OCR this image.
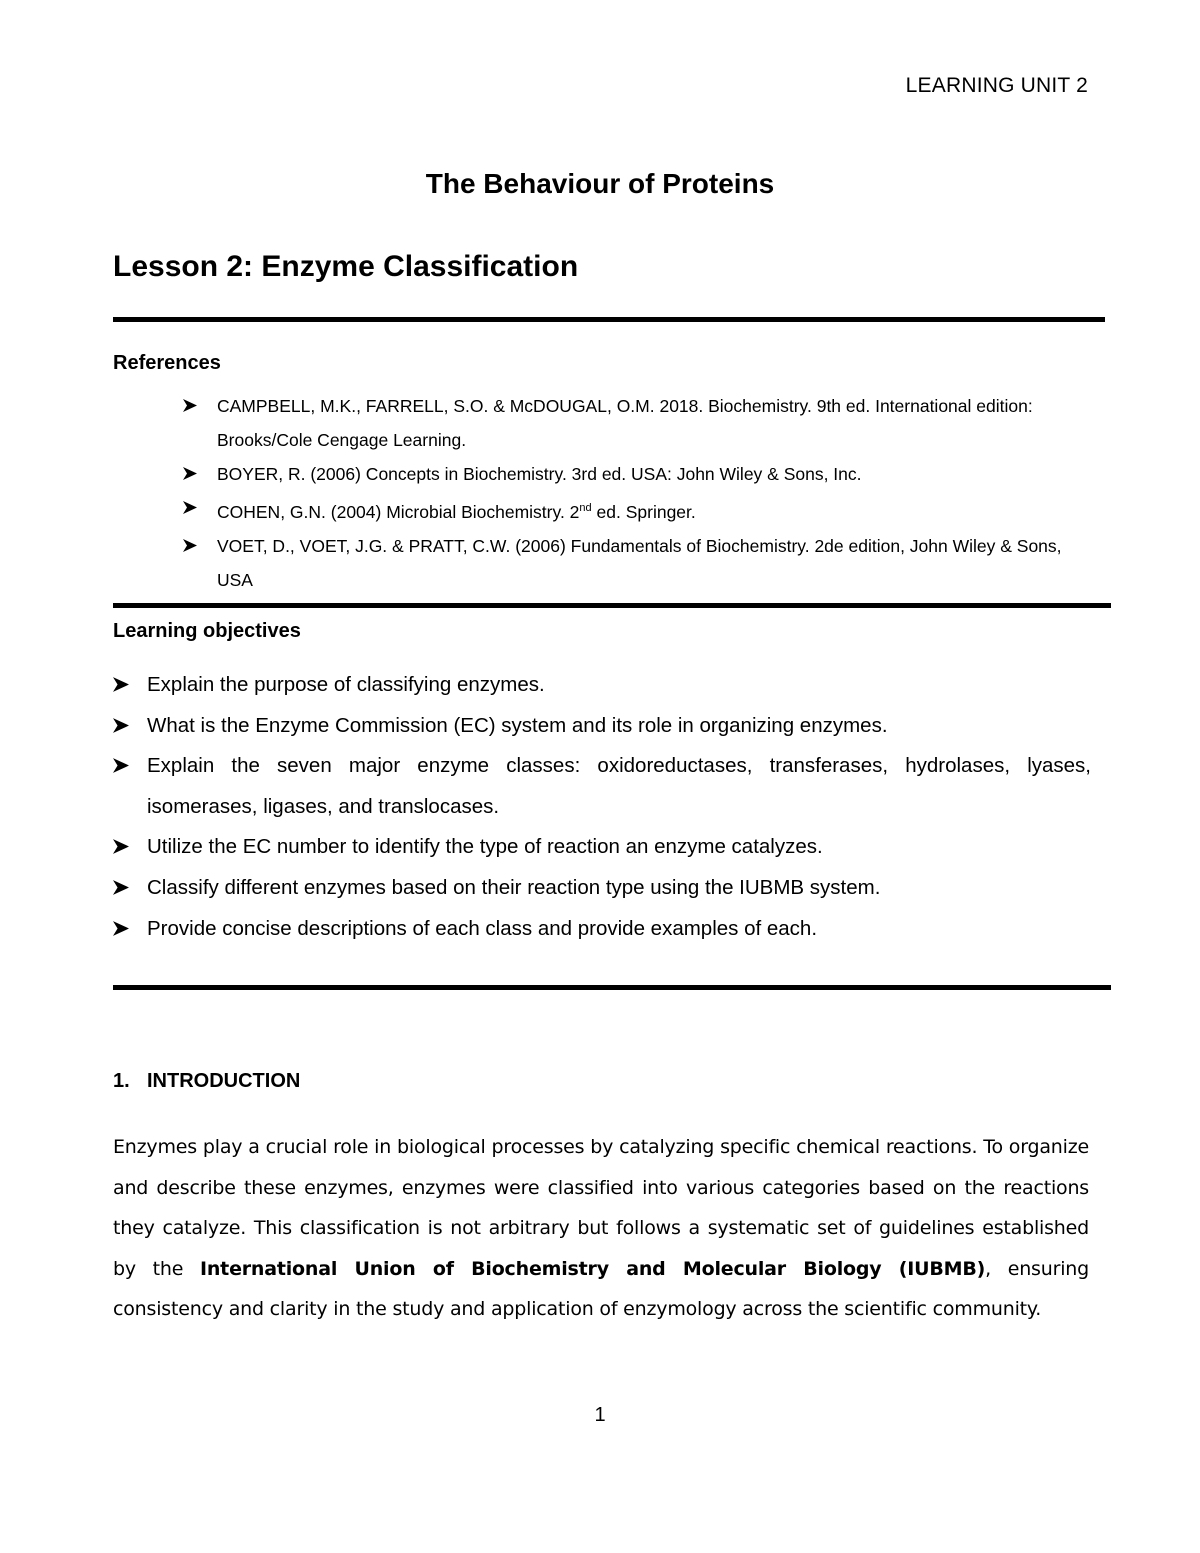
LEARNING UNIT 2
The Behaviour of Proteins
Lesson 2: Enzyme Classification
References
CAMPBELL, M.K., FARRELL, S.O. & McDOUGAL, O.M. 2018. Biochemistry. 9th ed. International edition: Brooks/Cole Cengage Learning.
BOYER, R. (2006) Concepts in Biochemistry. 3rd ed. USA: John Wiley & Sons, Inc.
COHEN, G.N. (2004) Microbial Biochemistry. 2nd ed. Springer.
VOET, D., VOET, J.G. & PRATT, C.W. (2006) Fundamentals of Biochemistry. 2de edition, John Wiley & Sons, USA
Learning objectives
Explain the purpose of classifying enzymes.
What is the Enzyme Commission (EC) system and its role in organizing enzymes.
Explain the seven major enzyme classes: oxidoreductases, transferases, hydrolases, lyases, isomerases, ligases, and translocases.
Utilize the EC number to identify the type of reaction an enzyme catalyzes.
Classify different enzymes based on their reaction type using the IUBMB system.
Provide concise descriptions of each class and provide examples of each.
1. INTRODUCTION

Enzymes play a crucial role in biological processes by catalyzing specific chemical reactions. To organize and describe these enzymes, enzymes were classified into various categories based on the reactions they catalyze. This classification is not arbitrary but follows a systematic set of guidelines established by the International Union of Biochemistry and Molecular Biology (IUBMB), ensuring consistency and clarity in the study and application of enzymology across the scientific community.

1
